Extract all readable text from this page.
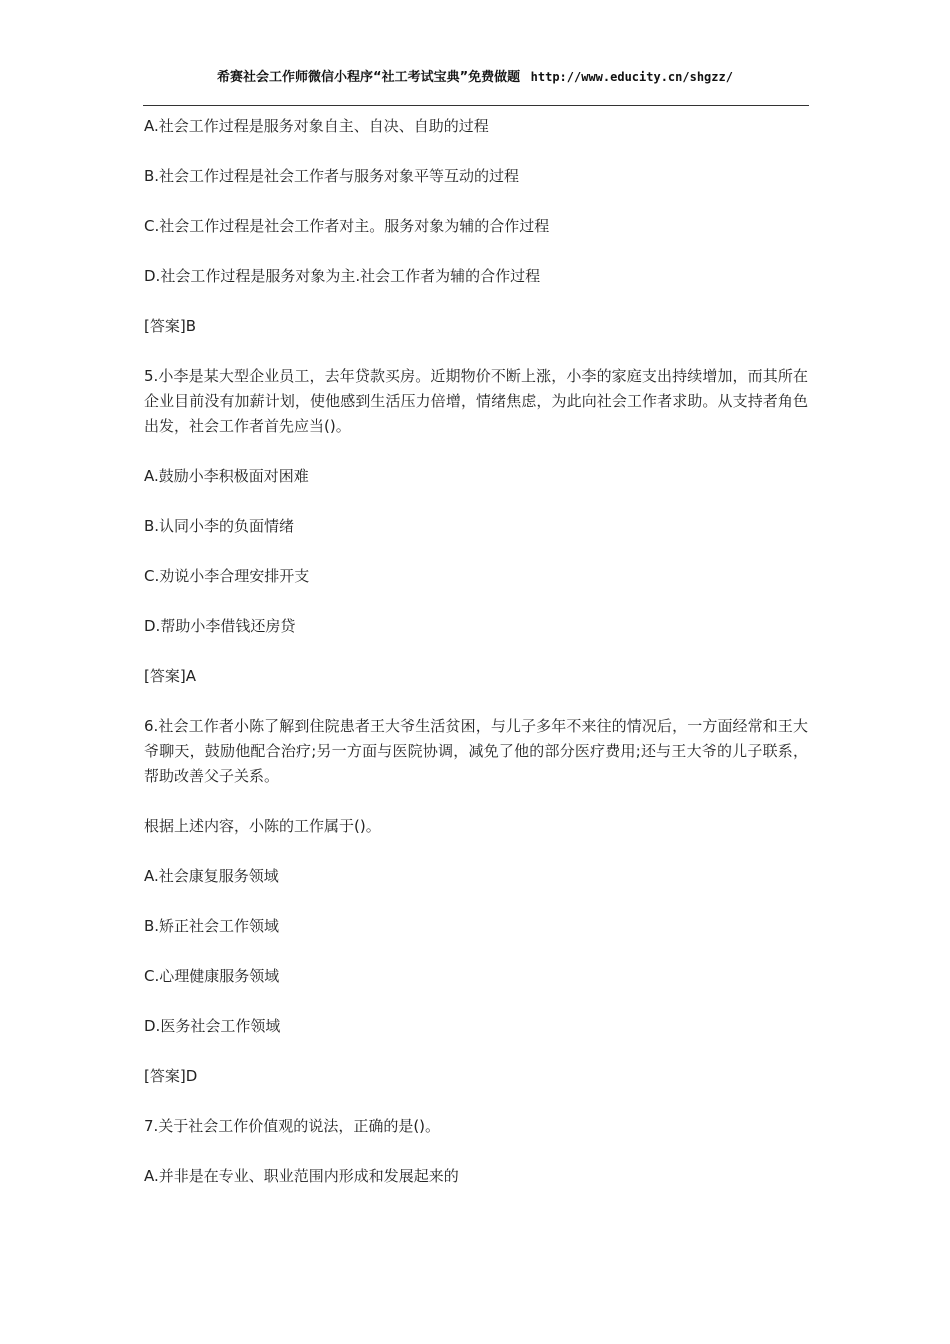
希赛社会工作师微信小程序“社工考试宝典”免费做题 http://www.educity.cn/shgzz/

A.社会工作过程是服务对象自主、自决、自助的过程

B.社会工作过程是社会工作者与服务对象平等互动的过程

C.社会工作过程是社会工作者对主。服务对象为辅的合作过程

D.社会工作过程是服务对象为主.社会工作者为辅的合作过程

[答案]B

5.小李是某大型企业员工，去年贷款买房。近期物价不断上涨，小李的家庭支出持续增加，而其所在企业目前没有加薪计划，使他感到生活压力倍增，情绪焦虑，为此向社会工作者求助。从支持者角色出发，社会工作者首先应当()。

A.鼓励小李积极面对困难

B.认同小李的负面情绪

C.劝说小李合理安排开支

D.帮助小李借钱还房贷

[答案]A

6.社会工作者小陈了解到住院患者王大爷生活贫困，与儿子多年不来往的情况后，一方面经常和王大爷聊天，鼓励他配合治疗;另一方面与医院协调，减免了他的部分医疗费用;还与王大爷的儿子联系，帮助改善父子关系。

根据上述内容，小陈的工作属于()。

A.社会康复服务领域

B.矫正社会工作领域

C.心理健康服务领域

D.医务社会工作领域

[答案]D

7.关于社会工作价值观的说法，正确的是()。

A.并非是在专业、职业范围内形成和发展起来的
